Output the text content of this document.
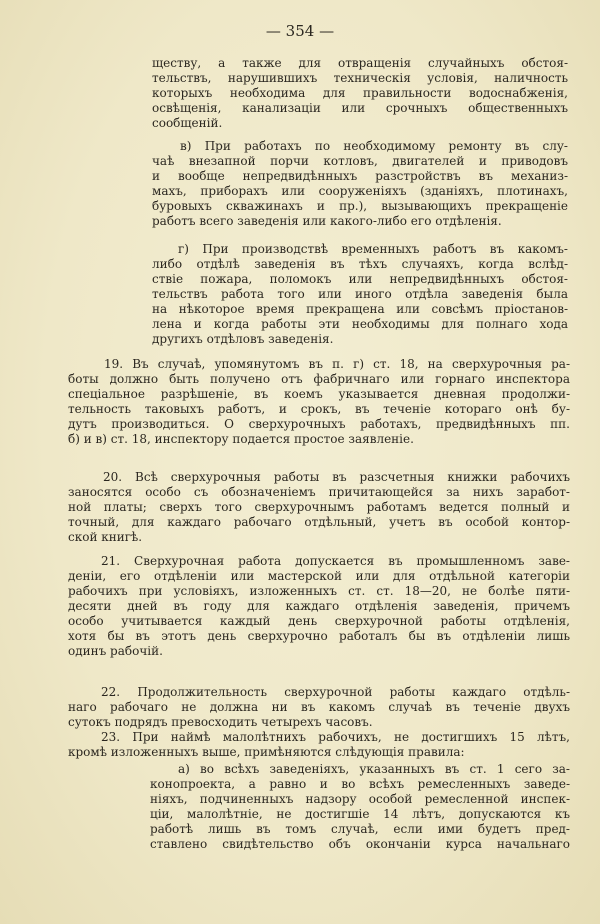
— 354 —
ществу, а также для отвращенія случайныхъ обстоя-
тельствъ, нарушившихъ техническія условія, наличность
которыхъ необходима для правильности водоснабженія,
освѣщенія, канализаціи или срочныхъ общественныхъ
сообщеній.
в) При работахъ по необходимому ремонту въ слу-
чаѣ внезапной порчи котловъ, двигателей и приводовъ
и вообще непредвидѣнныхъ разстройствъ въ механиз-
махъ, приборахъ или сооруженіяхъ (зданіяхъ, плотинахъ,
буровыхъ скважинахъ и пр.), вызывающихъ прекращеніе
работъ всего заведенія или какого-либо его отдѣленія.
г) При производствѣ временныхъ работъ въ какомъ-
либо отдѣлѣ заведенія въ тѣхъ случаяхъ, когда вслѣд-
ствіе пожара, поломокъ или непредвидѣнныхъ обстоя-
тельствъ работа того или иного отдѣла заведенія была
на нѣкоторое время прекращена или совсѣмъ пріостанов-
лена и когда работы эти необходимы для полнаго хода
другихъ отдѣловъ заведенія.
19. Въ случаѣ, упомянутомъ въ п. г) ст. 18, на сверхурочныя ра-
боты должно быть получено отъ фабричнаго или горнаго инспектора
спеціальное разрѣшеніе, въ коемъ указывается дневная продолжи-
тельность таковыхъ работъ, и срокъ, въ теченіе котораго онѣ бу-
дутъ производиться. О сверхурочныхъ работахъ, предвидѣнныхъ пп.
б) и в) ст. 18, инспектору подается простое заявленіе.
20. Всѣ сверхурочныя работы въ разсчетныя книжки рабочихъ
заносятся особо съ обозначеніемъ причитающейся за нихъ заработ-
ной платы; сверхъ того сверхурочнымъ работамъ ведется полный и
точный, для каждаго рабочаго отдѣльный, учетъ въ особой контор-
ской книгѣ.
21. Сверхурочная работа допускается въ промышленномъ заве-
деніи, его отдѣленіи или мастерской или для отдѣльной категоріи
рабочихъ при условіяхъ, изложенныхъ ст. ст. 18—20, не болѣе пяти-
десяти дней въ году для каждаго отдѣленія заведенія, причемъ
особо учитывается каждый день сверхурочной работы отдѣленія,
хотя бы въ этотъ день сверхурочно работалъ бы въ отдѣленіи лишь
одинъ рабочій.
22. Продолжительность сверхурочной работы каждаго отдѣль-
наго рабочаго не должна ни въ какомъ случаѣ въ теченіе двухъ
сутокъ подрядъ превосходить четырехъ часовъ.
23. При наймѣ малолѣтнихъ рабочихъ, не достигшихъ 15 лѣтъ,
кромѣ изложенныхъ выше, примѣняются слѣдующія правила:
а) во всѣхъ заведеніяхъ, указанныхъ въ ст. 1 сего за-
конопроекта, а равно и во всѣхъ ремесленныхъ заведе-
ніяхъ, подчиненныхъ надзору особой ремесленной инспек-
ціи, малолѣтніе, не достигшіе 14 лѣтъ, допускаются къ
работѣ лишь въ томъ случаѣ, если ими будетъ пред-
ставлено свидѣтельство объ окончаніи курса начальнаго
